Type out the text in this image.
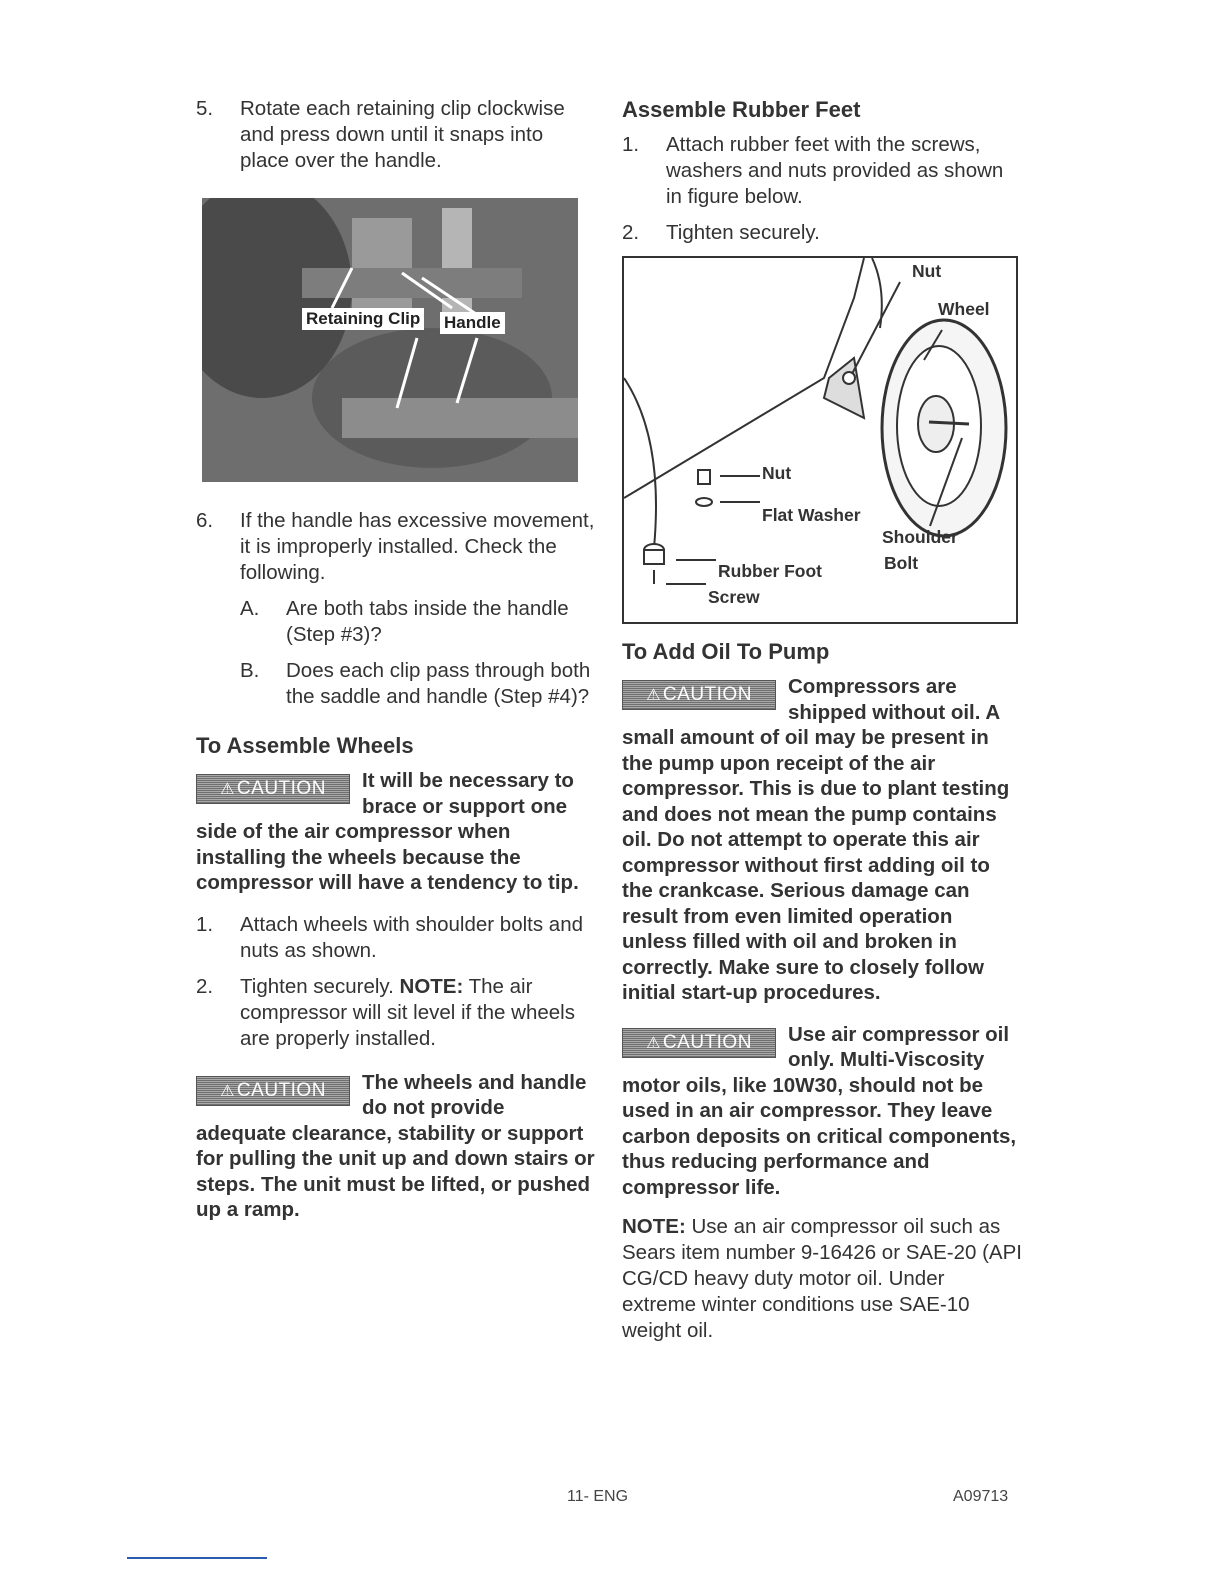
5.	Rotate each retaining clip clockwise and press down until it snaps into place over the handle.
Retaining Clip Handle
6.	If the handle has excessive movement, it is improperly installed. Check the following.
A. Are both tabs inside the handle (Step #3)?
B. Does each clip pass through both the saddle and handle (Step #4)?
To Assemble Wheels
⚠ CAUTION	It will be necessary to brace or support one side of the air compressor when installing the wheels because the compressor will have a tendency to tip.
1.	Attach wheels with shoulder bolts and nuts as shown.
2.	Tighten securely. NOTE: The air compressor will sit level if the wheels are properly installed.
⚠ CAUTION	The wheels and handle do not provide adequate clearance, stability or support for pulling the unit up and down stairs or steps. The unit must be lifted, or pushed up a ramp.
Assemble Rubber Feet
1.	Attach rubber feet with the screws, washers and nuts provided as shown in figure below.
2.	Tighten securely.
Nut
Wheel
Nut
Flat Washer
Shoulder
Bolt
Rubber Foot
Screw
To Add Oil To Pump
⚠ CAUTION	Compressors are shipped without oil. A small amount of oil may be present in the pump upon receipt of the air compressor. This is due to plant testing and does not mean the pump contains oil. Do not attempt to operate this air compressor without first adding oil to the crankcase. Serious damage can result from even limited operation unless filled with oil and broken in correctly. Make sure to closely follow initial start-up procedures.
⚠ CAUTION	Use air compressor oil only. Multi-Viscosity motor oils, like 10W30, should not be used in an air compressor. They leave carbon deposits on critical components, thus reducing performance and compressor life.
NOTE: Use an air compressor oil such as Sears item number 9-16426 or SAE-20 (API CG/CD heavy duty motor oil. Under extreme winter conditions use SAE-10 weight oil.
11- ENG	A09713
